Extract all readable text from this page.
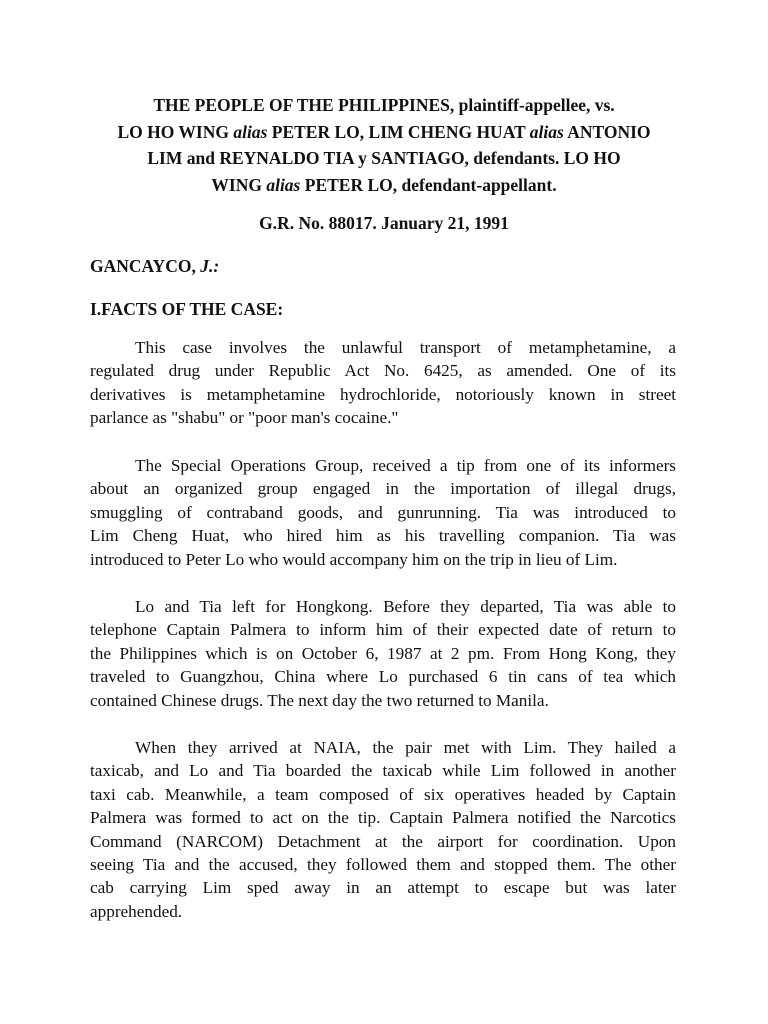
THE PEOPLE OF THE PHILIPPINES, plaintiff-appellee, vs.
LO HO WING alias PETER LO, LIM CHENG HUAT alias ANTONIO
LIM and REYNALDO TIA y SANTIAGO, defendants. LO HO
WING alias PETER LO, defendant-appellant.
G.R. No. 88017. January 21, 1991
GANCAYCO, J.:
I.FACTS OF THE CASE:
This case involves the unlawful transport of metamphetamine, a
regulated drug under Republic Act No. 6425, as amended. One of its
derivatives is metamphetamine hydrochloride, notoriously known in street
parlance as "shabu" or "poor man's cocaine."
The Special Operations Group, received a tip from one of its informers
about an organized group engaged in the importation of illegal drugs,
smuggling of contraband goods, and gunrunning. Tia was introduced to
Lim Cheng Huat, who hired him as his travelling companion. Tia was
introduced to Peter Lo who would accompany him on the trip in lieu of Lim.
Lo and Tia left for Hongkong. Before they departed, Tia was able to
telephone Captain Palmera to inform him of their expected date of return to
the Philippines which is on October 6, 1987 at 2 pm. From Hong Kong, they
traveled to Guangzhou, China where Lo purchased 6 tin cans of tea which
contained Chinese drugs. The next day the two returned to Manila.
When they arrived at NAIA, the pair met with Lim. They hailed a
taxicab, and Lo and Tia boarded the taxicab while Lim followed in another
taxi cab. Meanwhile, a team composed of six operatives headed by Captain
Palmera was formed to act on the tip. Captain Palmera notified the Narcotics
Command (NARCOM) Detachment at the airport for coordination. Upon
seeing Tia and the accused, they followed them and stopped them. The other
cab carrying Lim sped away in an attempt to escape but was later
apprehended.
